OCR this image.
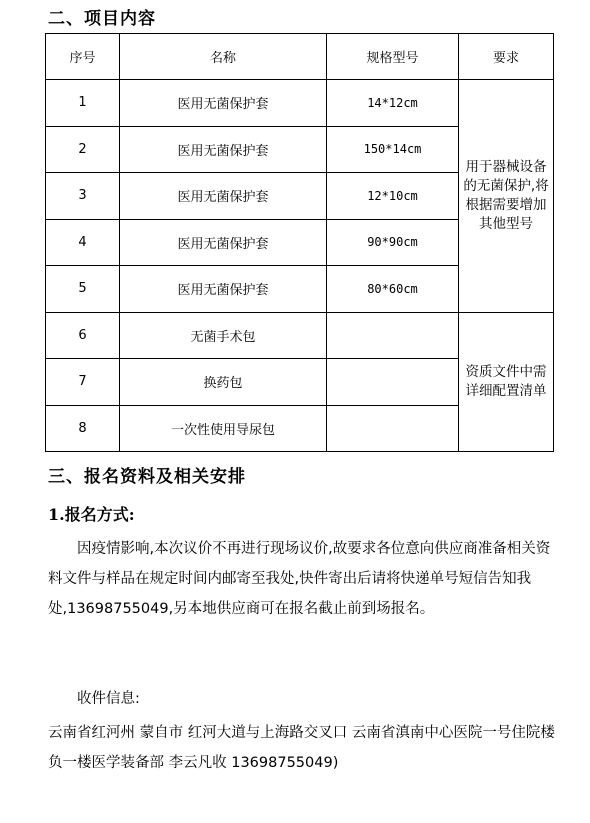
二、项目内容
序号	名称	规格型号	要求
1	医用无菌保护套	14*12cm	用于器械设备的无菌保护,将根据需要增加其他型号
2	医用无菌保护套	150*14cm	
3	医用无菌保护套	12*10cm	
4	医用无菌保护套	90*90cm	
5	医用无菌保护套	80*60cm	
6	无菌手术包		资质文件中需详细配置清单
7	换药包		
8	一次性使用导尿包		
三、报名资料及相关安排
1.报名方式:
因疫情影响,本次议价不再进行现场议价,故要求各位意向供应商准备相关资料文件与样品在规定时间内邮寄至我处,快件寄出后请将快递单号短信告知我处,13698755049,另本地供应商可在报名截止前到场报名。
收件信息:
云南省红河州 蒙自市 红河大道与上海路交叉口 云南省滇南中心医院一号住院楼负一楼医学装备部 李云凡收 13698755049)
